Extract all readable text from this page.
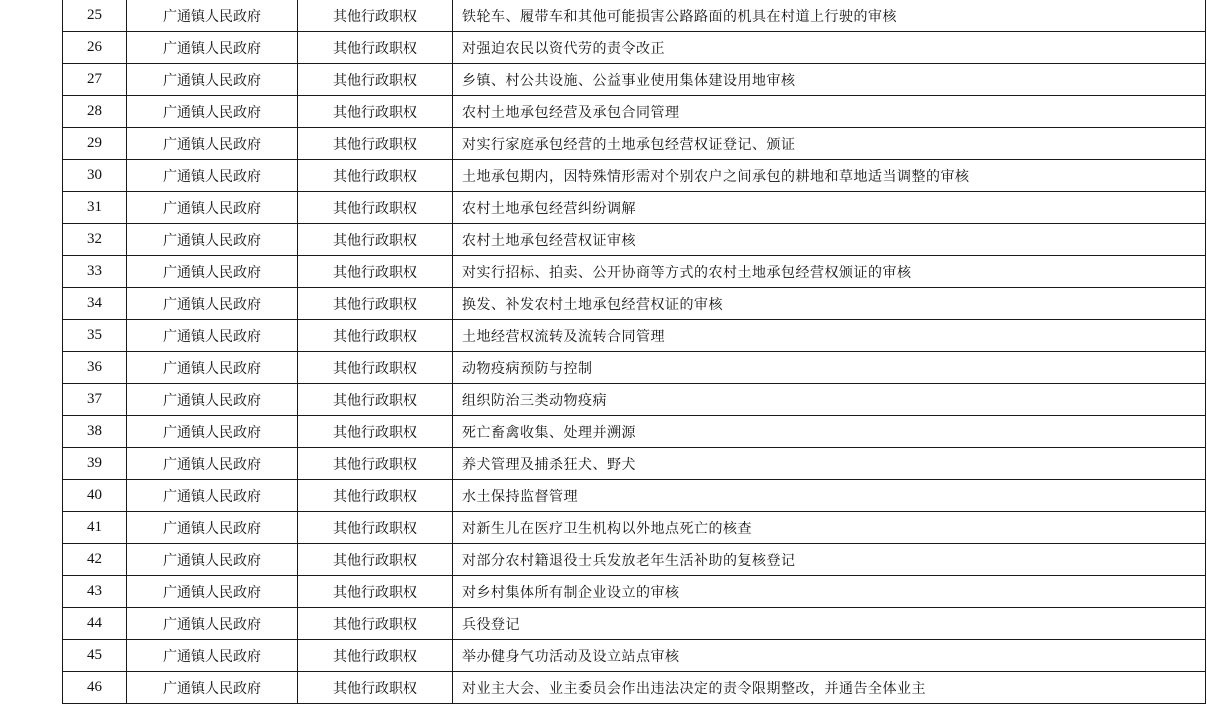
25	广通镇人民政府	其他行政职权	铁轮车、履带车和其他可能损害公路路面的机具在村道上行驶的审核
26	广通镇人民政府	其他行政职权	对强迫农民以资代劳的责令改正
27	广通镇人民政府	其他行政职权	乡镇、村公共设施、公益事业使用集体建设用地审核
28	广通镇人民政府	其他行政职权	农村土地承包经营及承包合同管理
29	广通镇人民政府	其他行政职权	对实行家庭承包经营的土地承包经营权证登记、颁证
30	广通镇人民政府	其他行政职权	土地承包期内，因特殊情形需对个别农户之间承包的耕地和草地适当调整的审核
31	广通镇人民政府	其他行政职权	农村土地承包经营纠纷调解
32	广通镇人民政府	其他行政职权	农村土地承包经营权证审核
33	广通镇人民政府	其他行政职权	对实行招标、拍卖、公开协商等方式的农村土地承包经营权颁证的审核
34	广通镇人民政府	其他行政职权	换发、补发农村土地承包经营权证的审核
35	广通镇人民政府	其他行政职权	土地经营权流转及流转合同管理
36	广通镇人民政府	其他行政职权	动物疫病预防与控制
37	广通镇人民政府	其他行政职权	组织防治三类动物疫病
38	广通镇人民政府	其他行政职权	死亡畜禽收集、处理并溯源
39	广通镇人民政府	其他行政职权	养犬管理及捕杀狂犬、野犬
40	广通镇人民政府	其他行政职权	水土保持监督管理
41	广通镇人民政府	其他行政职权	对新生儿在医疗卫生机构以外地点死亡的核查
42	广通镇人民政府	其他行政职权	对部分农村籍退役士兵发放老年生活补助的复核登记
43	广通镇人民政府	其他行政职权	对乡村集体所有制企业设立的审核
44	广通镇人民政府	其他行政职权	兵役登记
45	广通镇人民政府	其他行政职权	举办健身气功活动及设立站点审核
46	广通镇人民政府	其他行政职权	对业主大会、业主委员会作出违法决定的责令限期整改，并通告全体业主
